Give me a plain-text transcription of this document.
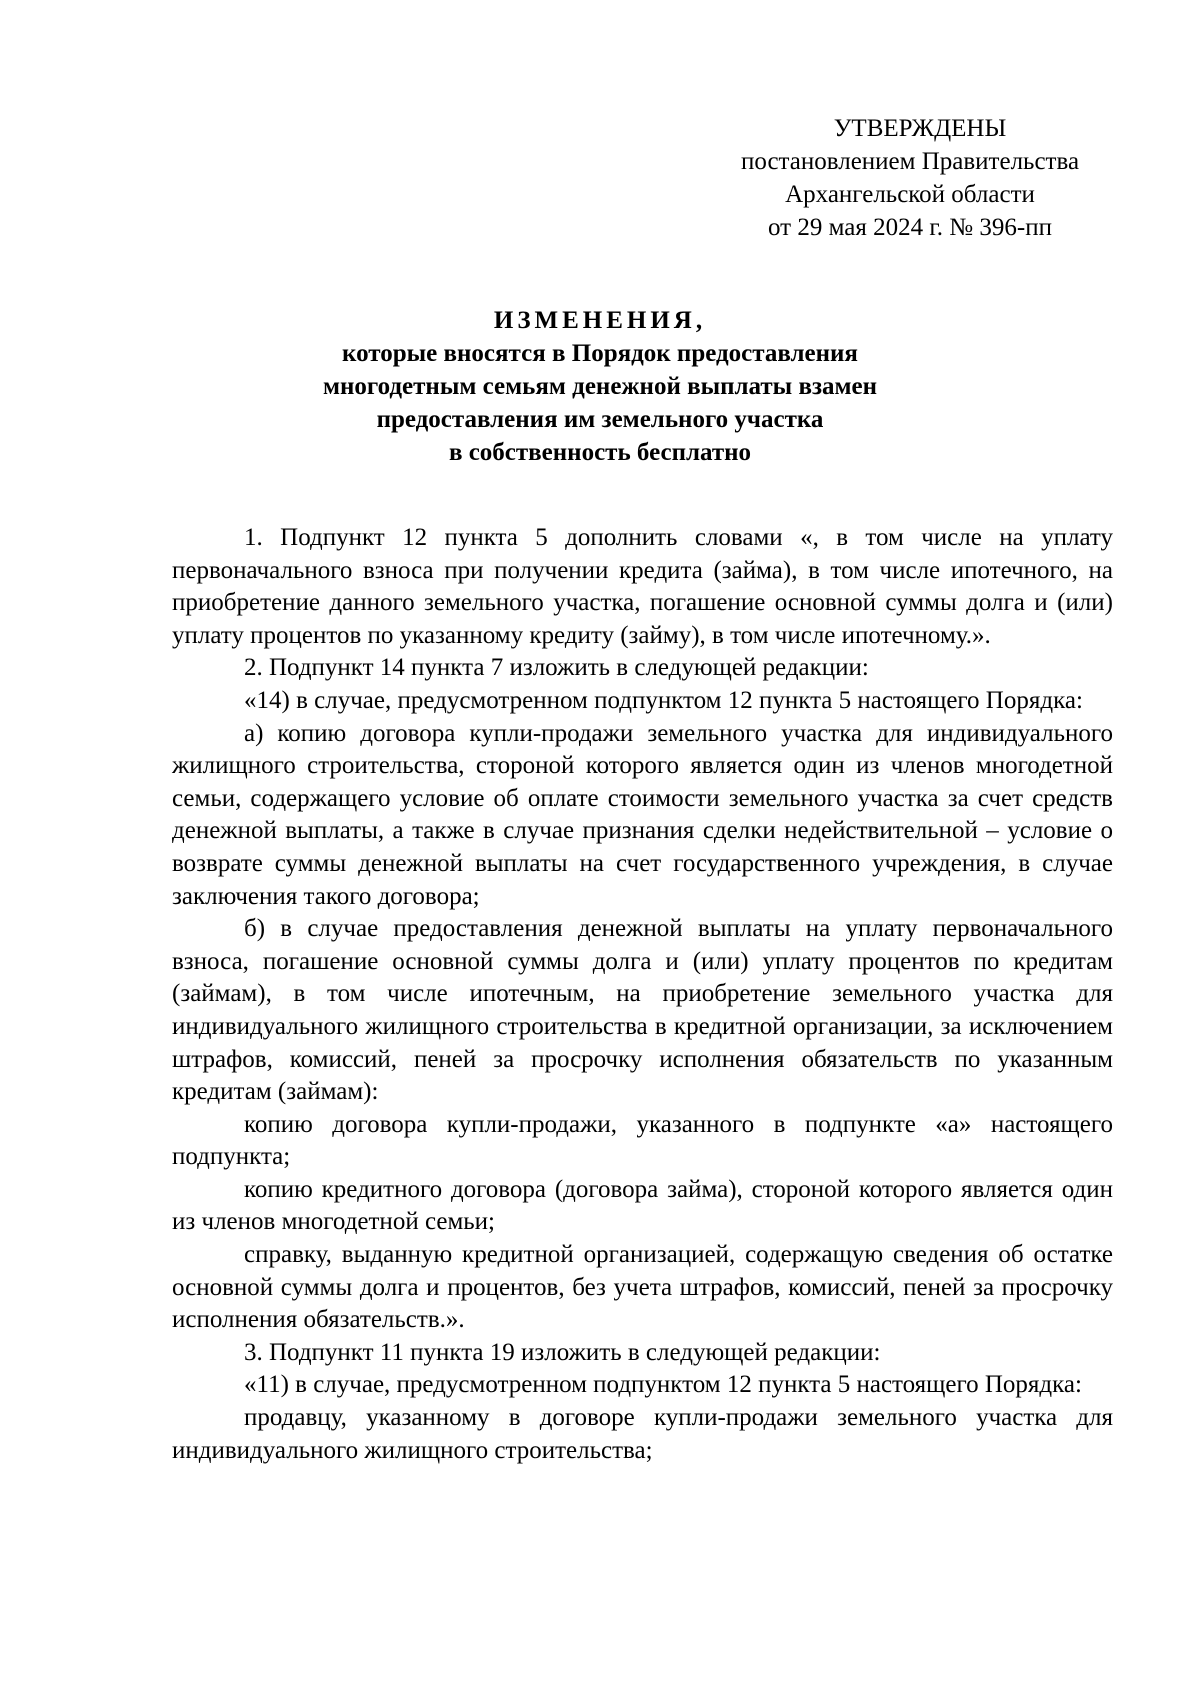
УТВЕРЖДЕНЫ
постановлением Правительства
Архангельской области
от 29 мая 2024 г. № 396-пп
ИЗМЕНЕНИЯ,
которые вносятся в Порядок предоставления
многодетным семьям денежной выплаты взамен
предоставления им земельного участка
в собственность бесплатно

1. Подпункт 12 пункта 5 дополнить словами «, в том числе на уплату первоначального взноса при получении кредита (займа), в том числе ипотечного, на приобретение данного земельного участка, погашение основной суммы долга и (или) уплату процентов по указанному кредиту (займу), в том числе ипотечному.».

2. Подпункт 14 пункта 7 изложить в следующей редакции:

«14) в случае, предусмотренном подпунктом 12 пункта 5 настоящего Порядка:

а) копию договора купли-продажи земельного участка для индивидуального жилищного строительства, стороной которого является один из членов многодетной семьи, содержащего условие об оплате стоимости земельного участка за счет средств денежной выплаты, а также в случае признания сделки недействительной – условие о возврате суммы денежной выплаты на счет государственного учреждения, в случае заключения такого договора;

б) в случае предоставления денежной выплаты на уплату первоначального взноса, погашение основной суммы долга и (или) уплату процентов по кредитам (займам), в том числе ипотечным, на приобретение земельного участка для индивидуального жилищного строительства в кредитной организации, за исключением штрафов, комиссий, пеней за просрочку исполнения обязательств по указанным кредитам (займам):

копию договора купли-продажи, указанного в подпункте «а» настоящего подпункта;

копию кредитного договора (договора займа), стороной которого является один из членов многодетной семьи;

справку, выданную кредитной организацией, содержащую сведения об остатке основной суммы долга и процентов, без учета штрафов, комиссий, пеней за просрочку исполнения обязательств.».

3. Подпункт 11 пункта 19 изложить в следующей редакции:

«11) в случае, предусмотренном подпунктом 12 пункта 5 настоящего Порядка:

продавцу, указанному в договоре купли-продажи земельного участка для индивидуального жилищного строительства;
